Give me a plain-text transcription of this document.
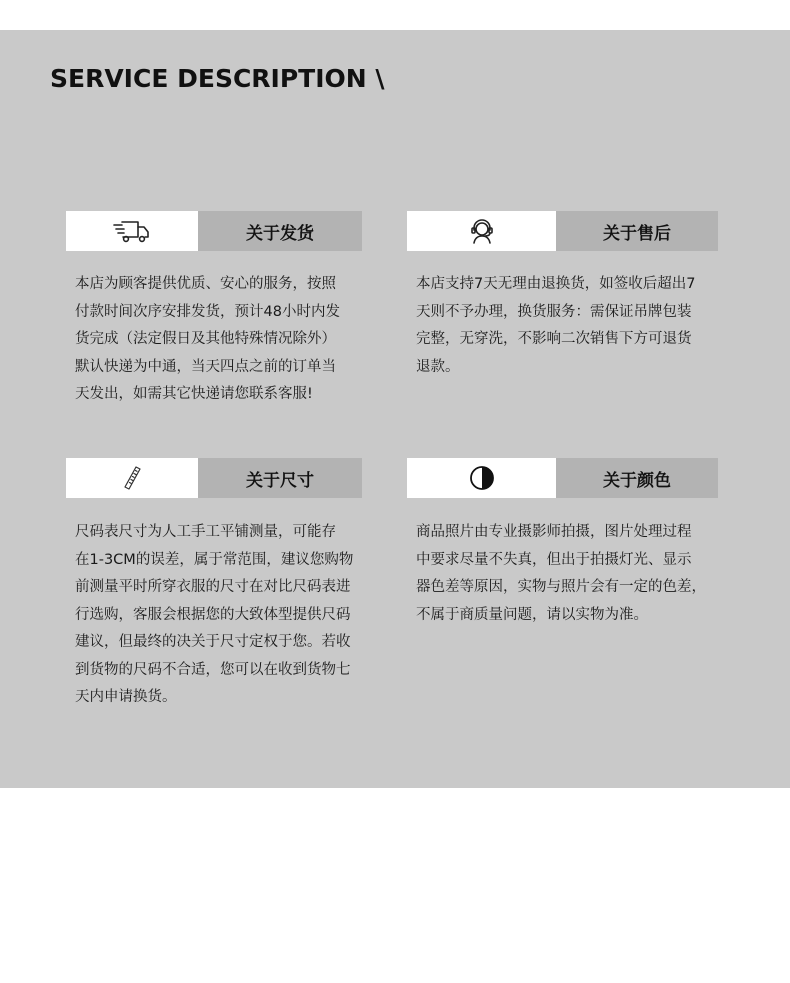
SERVICE DESCRIPTION \
关于发货
本店为顾客提供优质、安心的服务，按照
付款时间次序安排发货，预计48小时内发
货完成（法定假日及其他特殊情况除外）
默认快递为中通，当天四点之前的订单当
天发出，如需其它快递请您联系客服!
关于售后
本店支持7天无理由退换货，如签收后超出7
天则不予办理，换货服务：需保证吊牌包装
完整，无穿洗，不影响二次销售下方可退货
退款。
关于尺寸
尺码表尺寸为人工手工平铺测量，可能存
在1-3CM的误差，属于常范围，建议您购物
前测量平时所穿衣服的尺寸在对比尺码表进
行选购，客服会根据您的大致体型提供尺码
建议，但最终的决关于尺寸定权于您。若收
到货物的尺码不合适，您可以在收到货物七
天内申请换货。
关于颜色
商品照片由专业摄影师拍摄，图片处理过程
中要求尽量不失真，但出于拍摄灯光、显示
器色差等原因，实物与照片会有一定的色差，
不属于商质量问题，请以实物为准。
